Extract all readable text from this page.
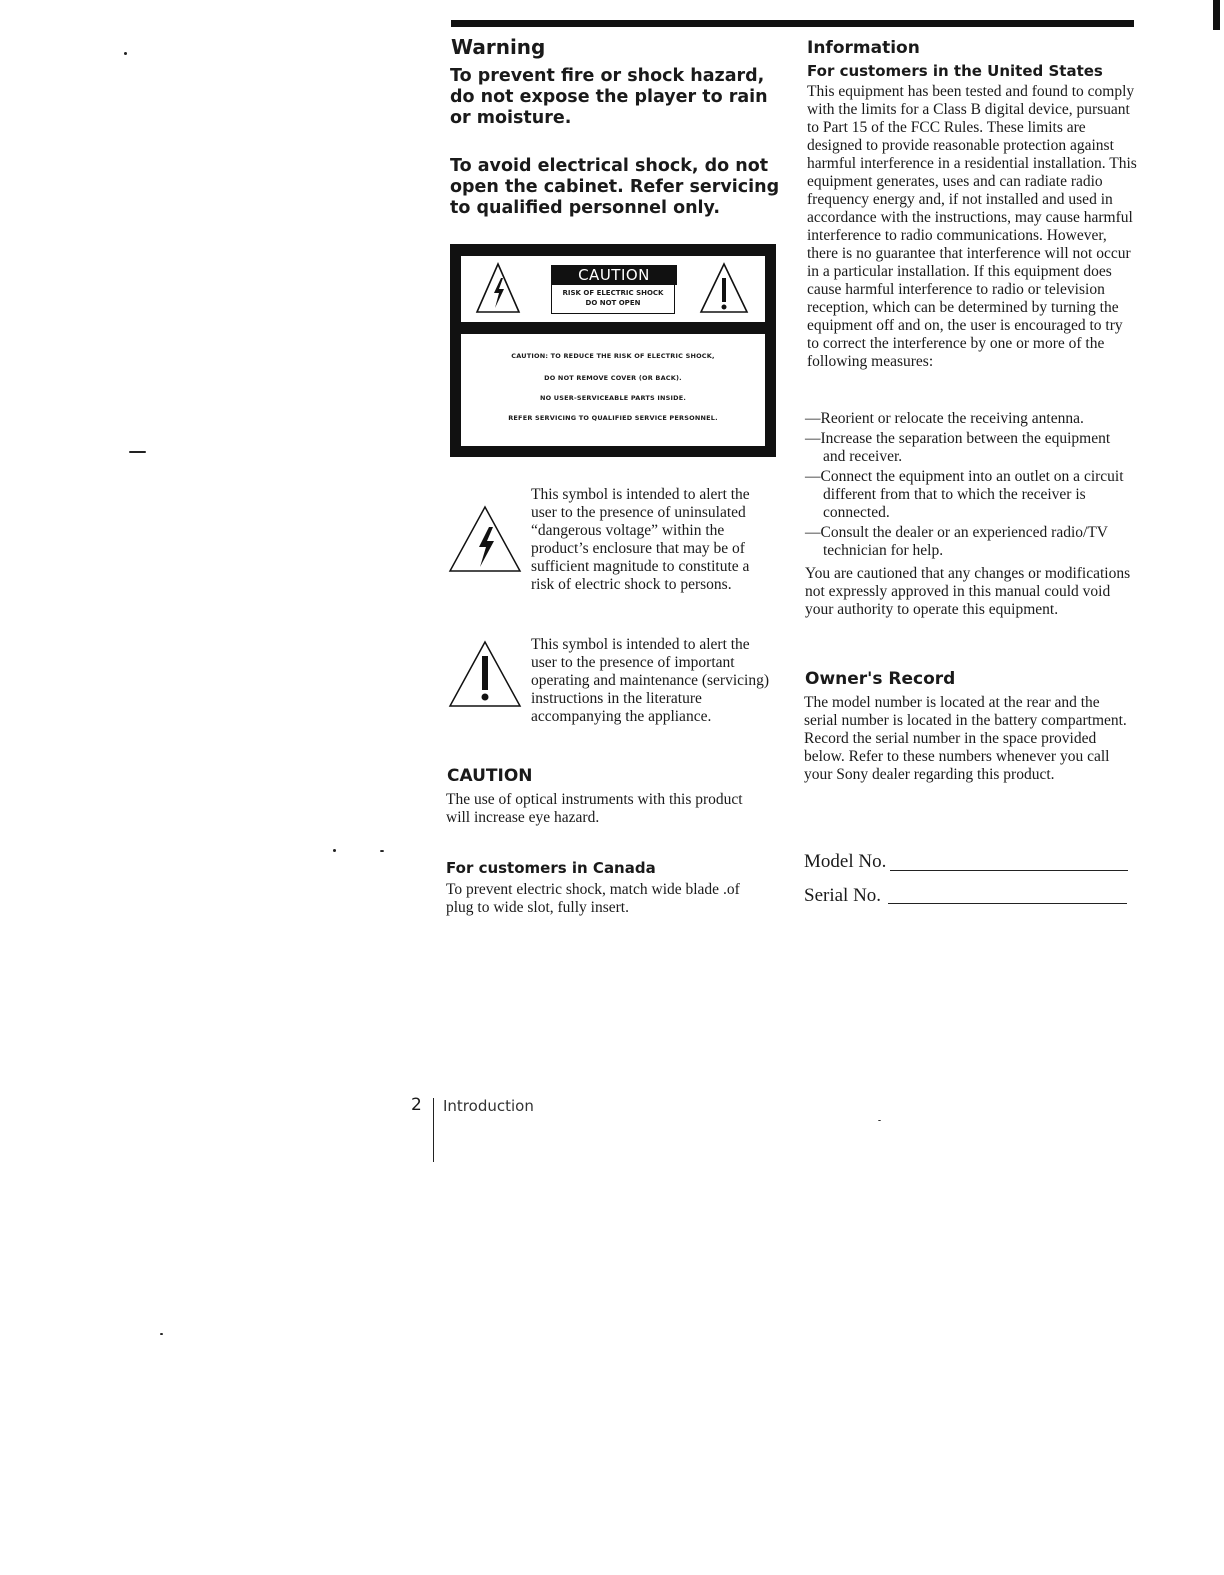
Warning
To prevent fire or shock hazard, do not expose the player to rain or moisture.
To avoid electrical shock, do not open the cabinet. Refer servicing to qualified personnel only.
CAUTION
RISK OF ELECTRIC SHOCK
DO NOT OPEN
CAUTION: TO REDUCE THE RISK OF ELECTRIC SHOCK,
DO NOT REMOVE COVER (OR BACK).
NO USER-SERVICEABLE PARTS INSIDE.
REFER SERVICING TO QUALIFIED SERVICE PERSONNEL.
This symbol is intended to alert the user to the presence of uninsulated “dangerous voltage” within the product’s enclosure that may be of sufficient magnitude to constitute a risk of electric shock to persons.
This symbol is intended to alert the user to the presence of important operating and maintenance (servicing) instructions in the literature accompanying the appliance.
CAUTION
The use of optical instruments with this product will increase eye hazard.
For customers in Canada
To prevent electric shock, match wide blade .of plug to wide slot, fully insert.
Information
For customers in the United States
This equipment has been tested and found to comply with the limits for a Class B digital device, pursuant to Part 15 of the FCC Rules. These limits are designed to provide reasonable protection against harmful interference in a residential installation. This equipment generates, uses and can radiate radio frequency energy and, if not installed and used in accordance with the instructions, may cause harmful interference to radio communications. However, there is no guarantee that interference will not occur in a particular installation. If this equipment does cause harmful interference to radio or television reception, which can be determined by turning the equipment off and on, the user is encouraged to try to correct the interference by one or more of the following measures:
—Reorient or relocate the receiving antenna.
—Increase the separation between the equipment and receiver.
—Connect the equipment into an outlet on a circuit different from that to which the receiver is connected.
—Consult the dealer or an experienced radio/TV technician for help.
You are cautioned that any changes or modifications not expressly approved in this manual could void your authority to operate this equipment.
Owner's Record
The model number is located at the rear and the serial number is located in the battery compartment.
Record the serial number in the space provided below. Refer to these numbers whenever you call your Sony dealer regarding this product.
Model No.
Serial No.
2 Introduction
